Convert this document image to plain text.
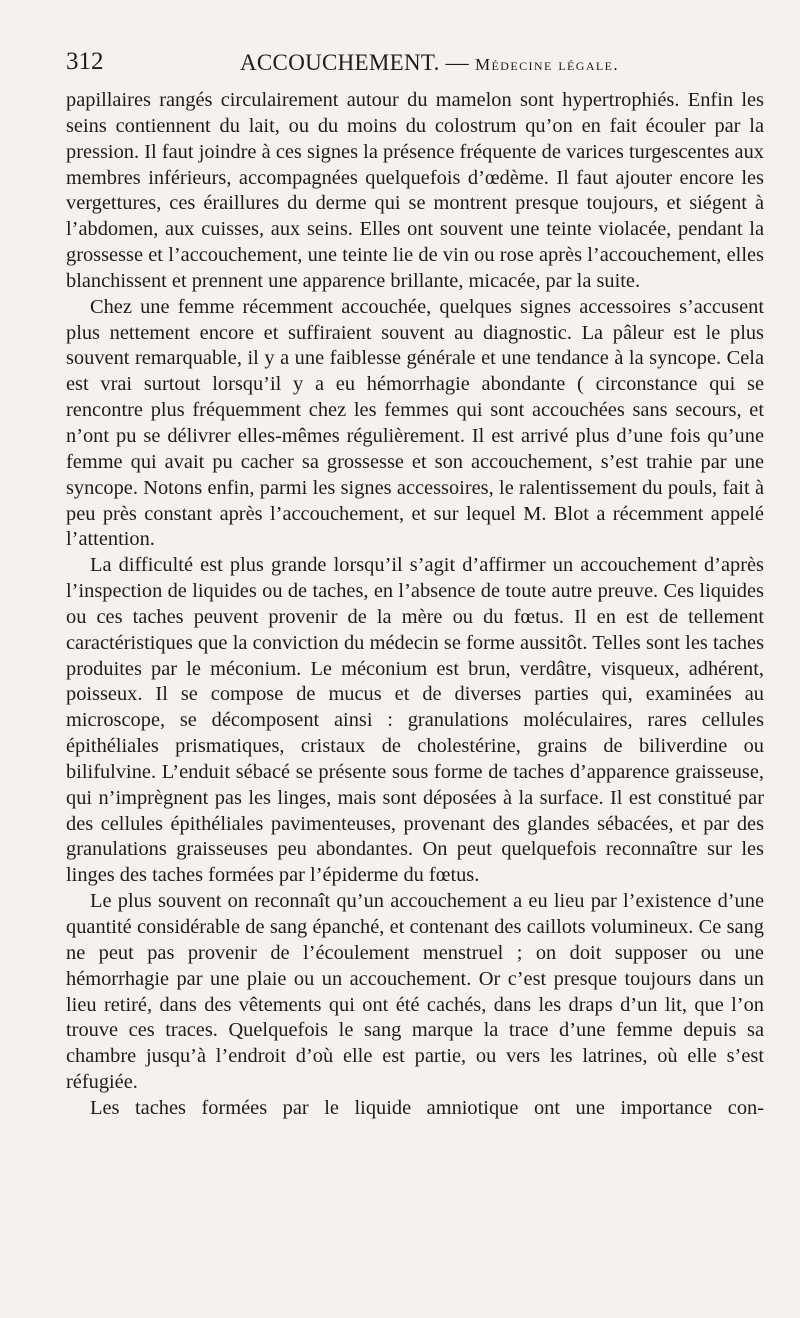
312	ACCOUCHEMENT. — Médecine légale.

papillaires rangés circulairement autour du mamelon sont hypertrophiés. Enfin les seins contiennent du lait, ou du moins du colostrum qu’on en fait écouler par la pression. Il faut joindre à ces signes la présence fréquente de varices turgescentes aux membres inférieurs, accompagnées quelquefois d’œdème. Il faut ajouter encore les vergettures, ces éraillures du derme qui se montrent presque toujours, et siégent à l’abdomen, aux cuisses, aux seins. Elles ont souvent une teinte violacée, pendant la grossesse et l’accouchement, une teinte lie de vin ou rose après l’accouchement, elles blanchissent et prennent une apparence brillante, micacée, par la suite.

Chez une femme récemment accouchée, quelques signes accessoires s’accusent plus nettement encore et suffiraient souvent au diagnostic. La pâleur est le plus souvent remarquable, il y a une faiblesse générale et une tendance à la syncope. Cela est vrai surtout lorsqu’il y a eu hémorrhagie abondante ( circonstance qui se rencontre plus fréquemment chez les femmes qui sont accouchées sans secours, et n’ont pu se délivrer elles-mêmes régulièrement. Il est arrivé plus d’une fois qu’une femme qui avait pu cacher sa grossesse et son accouchement, s’est trahie par une syncope. Notons enfin, parmi les signes accessoires, le ralentissement du pouls, fait à peu près constant après l’accouchement, et sur lequel M. Blot a récemment appelé l’attention.

La difficulté est plus grande lorsqu’il s’agit d’affirmer un accouchement d’après l’inspection de liquides ou de taches, en l’absence de toute autre preuve. Ces liquides ou ces taches peuvent provenir de la mère ou du fœtus. Il en est de tellement caractéristiques que la conviction du médecin se forme aussitôt. Telles sont les taches produites par le méconium. Le méconium est brun, verdâtre, visqueux, adhérent, poisseux. Il se compose de mucus et de diverses parties qui, examinées au microscope, se décomposent ainsi : granulations moléculaires, rares cellules épithéliales prismatiques, cristaux de cholestérine, grains de biliverdine ou bilifulvine. L’enduit sébacé se présente sous forme de taches d’apparence graisseuse, qui n’imprègnent pas les linges, mais sont déposées à la surface. Il est constitué par des cellules épithéliales pavimenteuses, provenant des glandes sébacées, et par des granulations graisseuses peu abondantes. On peut quelquefois reconnaître sur les linges des taches formées par l’épiderme du fœtus.

Le plus souvent on reconnaît qu’un accouchement a eu lieu par l’existence d’une quantité considérable de sang épanché, et contenant des caillots volumineux. Ce sang ne peut pas provenir de l’écoulement menstruel ; on doit supposer ou une hémorrhagie par une plaie ou un accouchement. Or c’est presque toujours dans un lieu retiré, dans des vêtements qui ont été cachés, dans les draps d’un lit, que l’on trouve ces traces. Quelquefois le sang marque la trace d’une femme depuis sa chambre jusqu’à l’endroit d’où elle est partie, ou vers les latrines, où elle s’est réfugiée.

Les taches formées par le liquide amniotique ont une importance con-
